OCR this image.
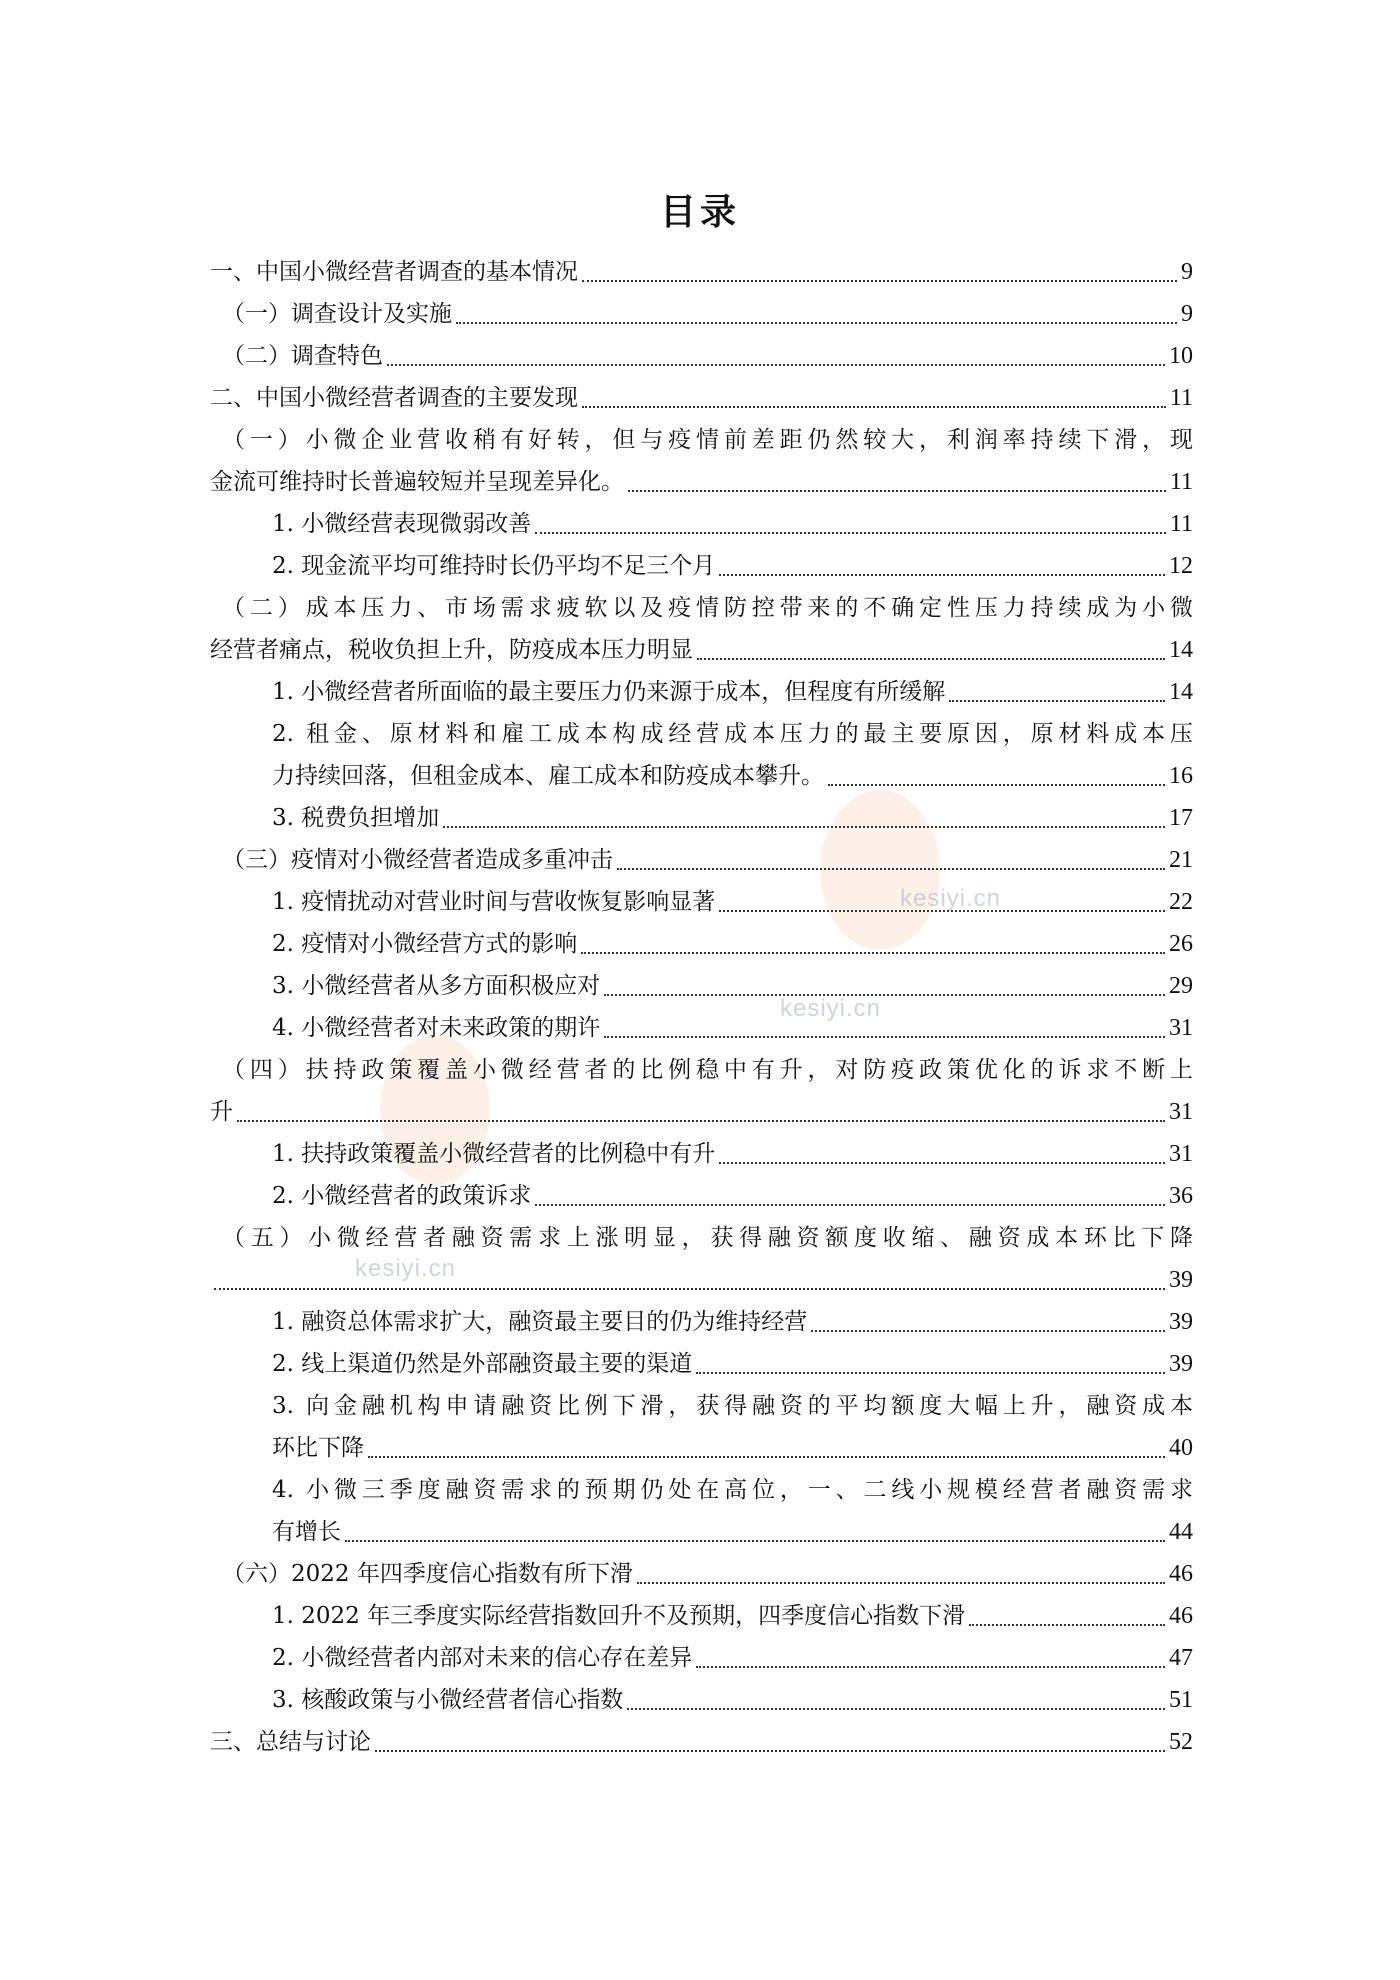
kesiyi.cn
kesiyi.cn
kesiyi.cn
目录
一、中国小微经营者调查的基本情况	9
（一）调查设计及实施	9
（二）调查特色	10
二、中国小微经营者调查的主要发现	11
（一）小微企业营收稍有好转，但与疫情前差距仍然较大，利润率持续下滑，现
金流可维持时长普遍较短并呈现差异化。	11
1. 小微经营表现微弱改善	11
2. 现金流平均可维持时长仍平均不足三个月	12
（二）成本压力、市场需求疲软以及疫情防控带来的不确定性压力持续成为小微
经营者痛点，税收负担上升，防疫成本压力明显	14
1. 小微经营者所面临的最主要压力仍来源于成本，但程度有所缓解	14
2. 租金、原材料和雇工成本构成经营成本压力的最主要原因，原材料成本压
力持续回落，但租金成本、雇工成本和防疫成本攀升。	16
3. 税费负担增加	17
（三）疫情对小微经营者造成多重冲击	21
1. 疫情扰动对营业时间与营收恢复影响显著	22
2. 疫情对小微经营方式的影响	26
3. 小微经营者从多方面积极应对	29
4. 小微经营者对未来政策的期许	31
（四）扶持政策覆盖小微经营者的比例稳中有升，对防疫政策优化的诉求不断上
升	31
1. 扶持政策覆盖小微经营者的比例稳中有升	31
2. 小微经营者的政策诉求	36
（五）小微经营者融资需求上涨明显，获得融资额度收缩、融资成本环比下降
39
1. 融资总体需求扩大，融资最主要目的仍为维持经营	39
2. 线上渠道仍然是外部融资最主要的渠道	39
3. 向金融机构申请融资比例下滑，获得融资的平均额度大幅上升，融资成本
环比下降	40
4. 小微三季度融资需求的预期仍处在高位，一、二线小规模经营者融资需求
有增长	44
（六）2022 年四季度信心指数有所下滑	46
1. 2022 年三季度实际经营指数回升不及预期，四季度信心指数下滑	46
2. 小微经营者内部对未来的信心存在差异	47
3. 核酸政策与小微经营者信心指数	51
三、总结与讨论	52
